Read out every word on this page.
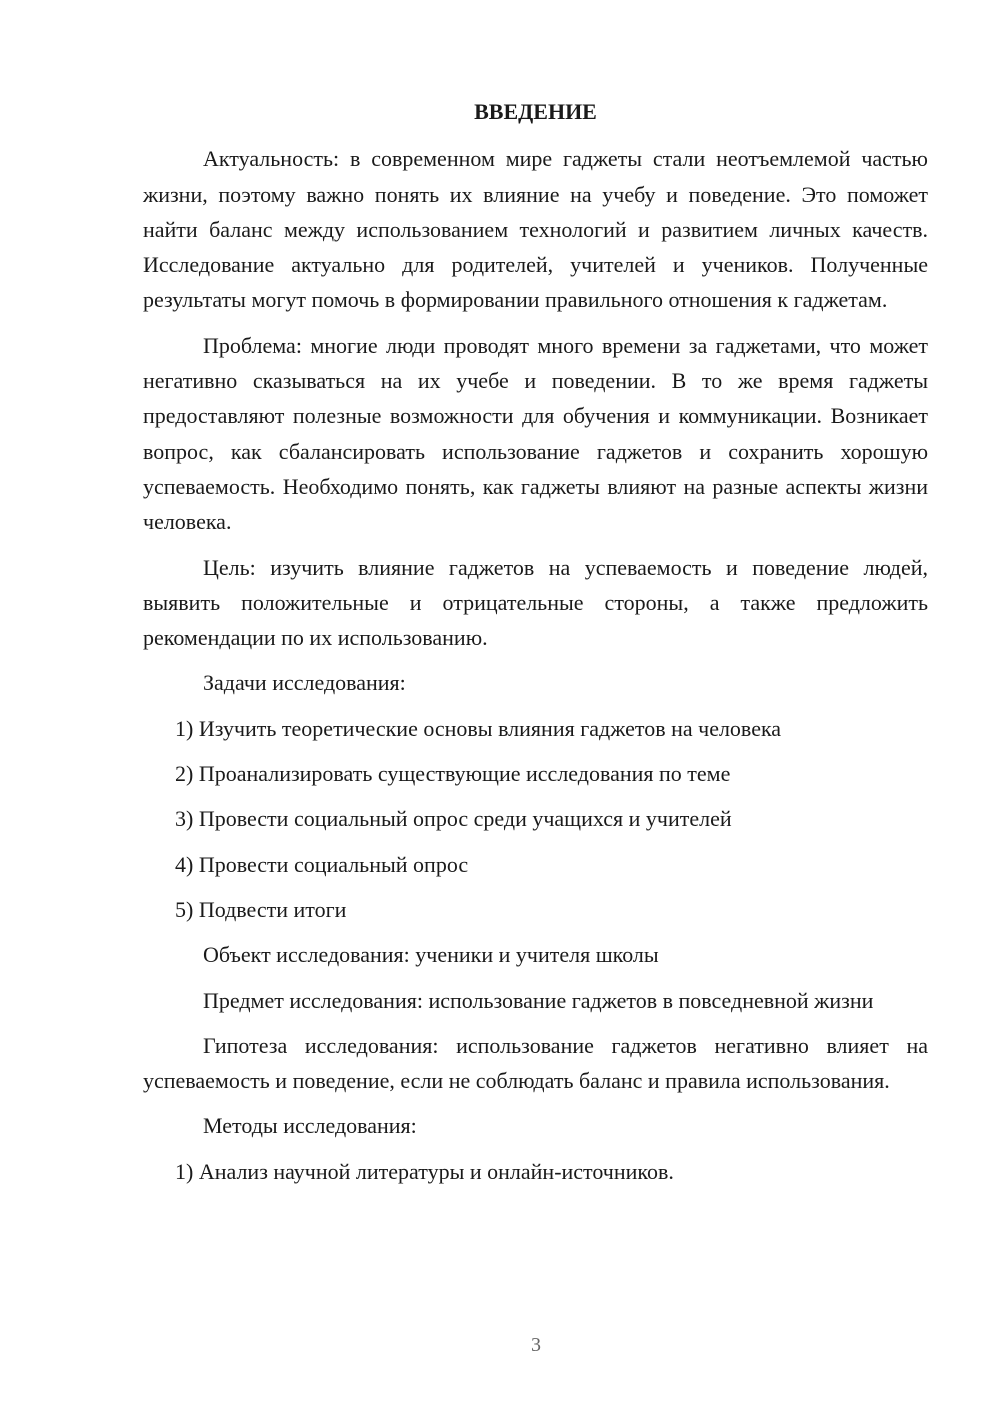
ВВЕДЕНИЕ

Актуальность: в современном мире гаджеты стали неотъемлемой частью жизни, поэтому важно понять их влияние на учебу и поведение. Это поможет найти баланс между использованием технологий и развитием личных качеств. Исследование актуально для родителей, учителей и учеников. Полученные результаты могут помочь в формировании правильного отношения к гаджетам.

Проблема: многие люди проводят много времени за гаджетами, что может негативно сказываться на их учебе и поведении. В то же время гаджеты предоставляют полезные возможности для обучения и коммуникации. Возникает вопрос, как сбалансировать использование гаджетов и сохранить хорошую успеваемость. Необходимо понять, как гаджеты влияют на разные аспекты жизни человека.

Цель: изучить влияние гаджетов на успеваемость и поведение людей, выявить положительные и отрицательные стороны, а также предложить рекомендации по их использованию.

Задачи исследования:

1) Изучить теоретические основы влияния гаджетов на человека

2) Проанализировать существующие исследования по теме

3) Провести социальный опрос среди учащихся и учителей

4) Провести социальный опрос

5) Подвести итоги

Объект исследования: ученики и учителя школы

Предмет исследования: использование гаджетов в повседневной жизни

Гипотеза исследования: использование гаджетов негативно влияет на успеваемость и поведение, если не соблюдать баланс и правила использования.

Методы исследования:

1) Анализ научной литературы и онлайн-источников.

3
